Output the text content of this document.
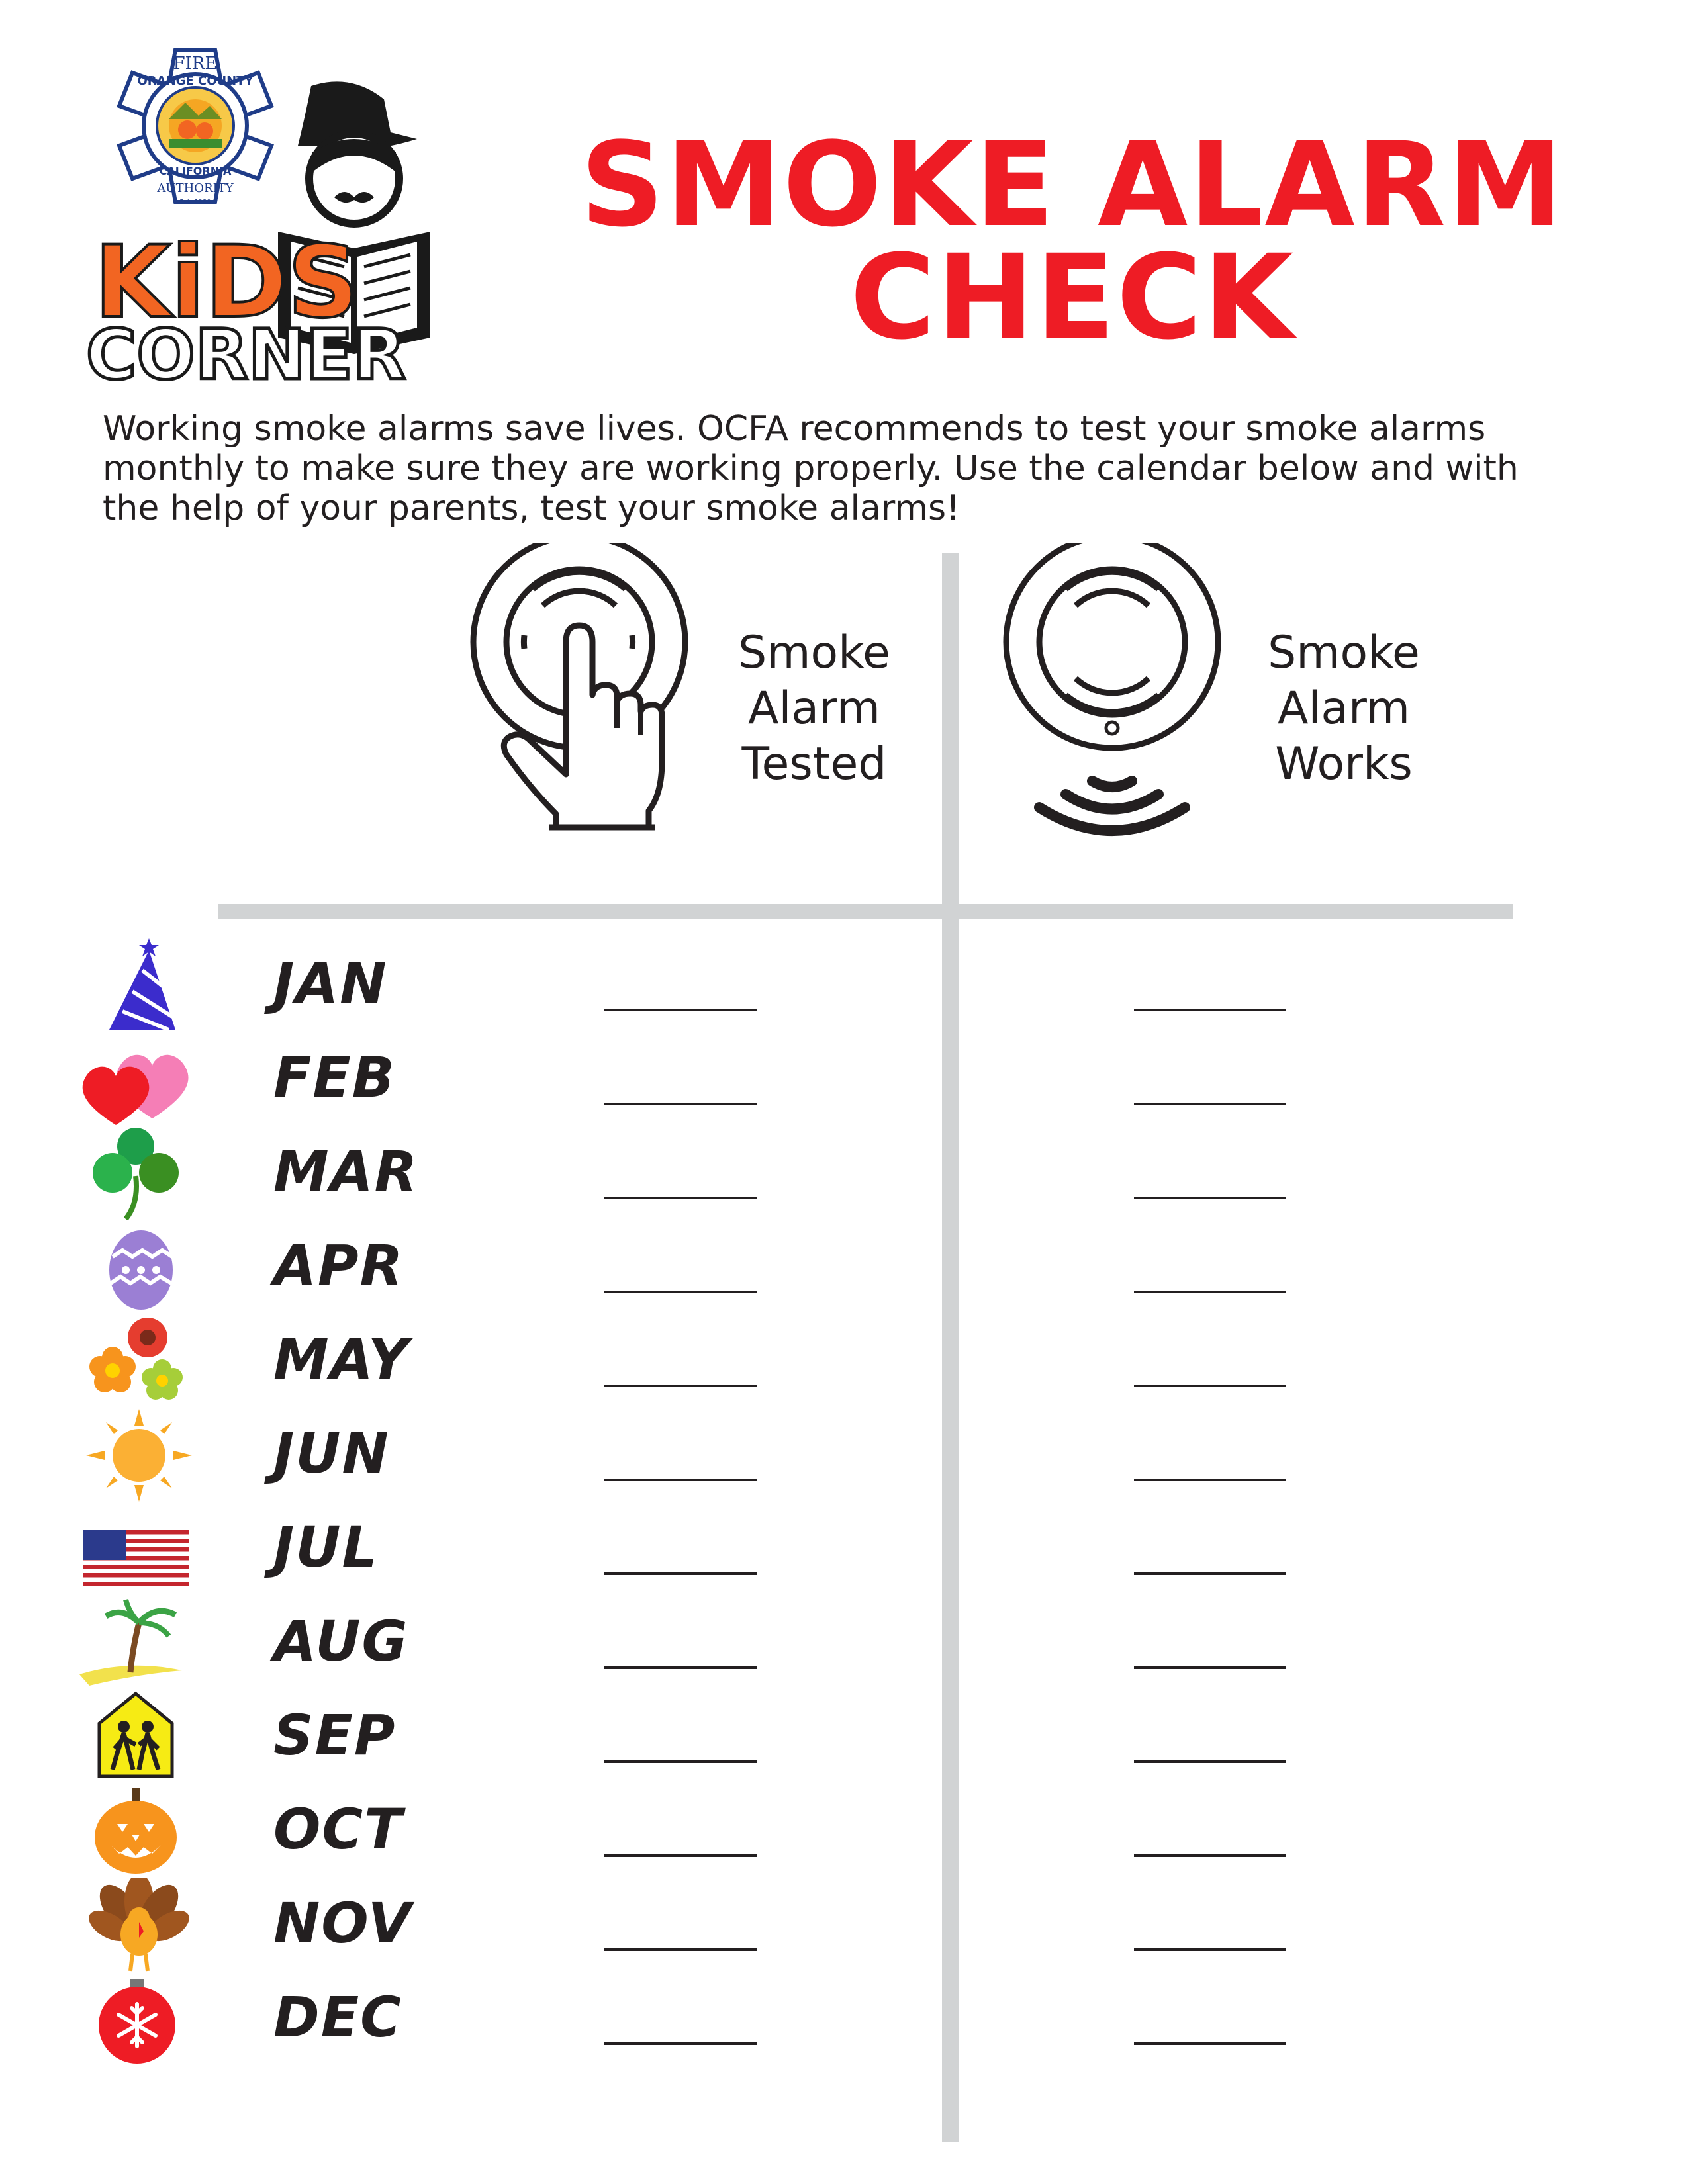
FIRE
ORANGE COUNTY
CALIFORNIA
AUTHORITY
Est. 1980
KiDS
CORNER
SMOKE ALARM
CHECK
Working smoke alarms save lives. OCFA recommends to test your smoke alarms
monthly to make sure they are working properly. Use the calendar below and with
the help of your parents, test your smoke alarms!
Smoke
Alarm
Tested
Smoke
Alarm
Works
JAN
FEB
MAR
APR
MAY
JUN
JUL
AUG
SEP
OCT
NOV
DEC
